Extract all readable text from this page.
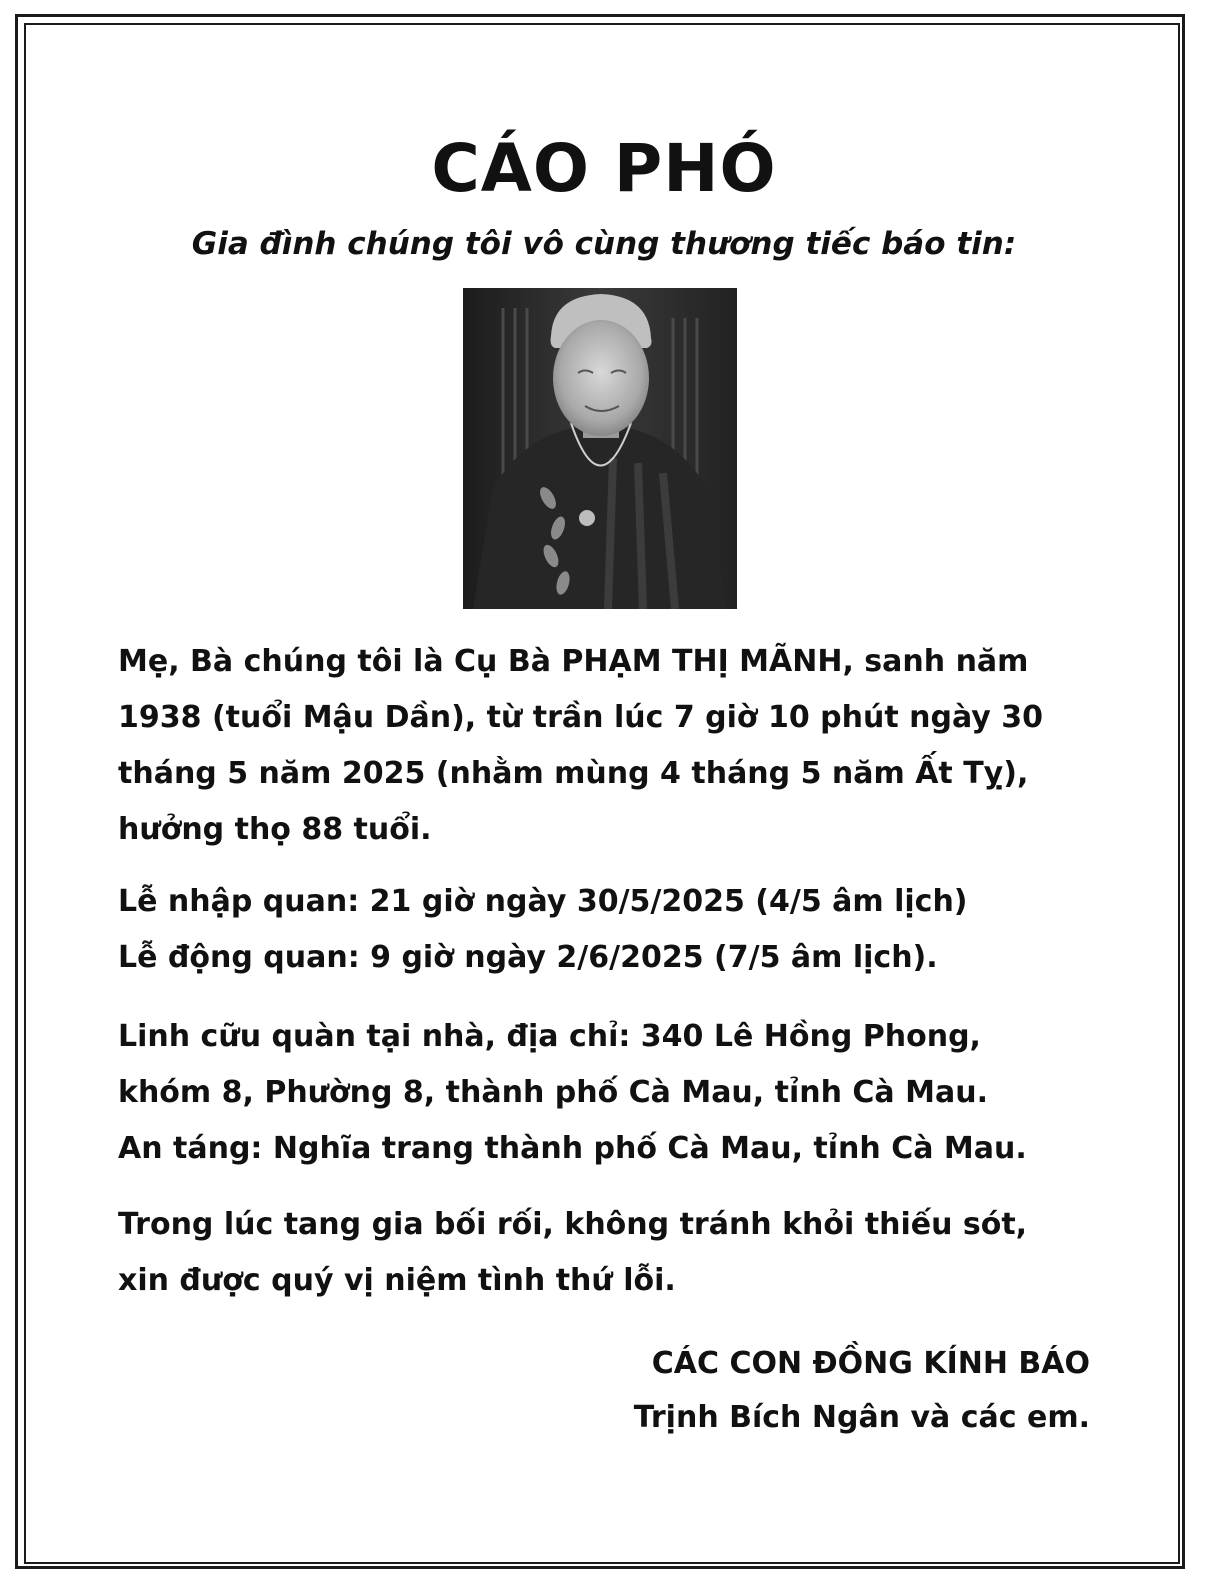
CÁO PHÓ

Gia đình chúng tôi vô cùng thương tiếc báo tin:

Mẹ, Bà chúng tôi là Cụ Bà PHẠM THỊ MÃNH, sanh năm
1938 (tuổi Mậu Dần), từ trần lúc 7 giờ 10 phút ngày 30
tháng 5 năm 2025 (nhằm mùng 4 tháng 5 năm Ất Tỵ),
hưởng thọ 88 tuổi.

Lễ nhập quan: 21 giờ ngày 30/5/2025 (4/5 âm lịch)
Lễ động quan: 9 giờ ngày 2/6/2025 (7/5 âm lịch).

Linh cữu quàn tại nhà, địa chỉ: 340 Lê Hồng Phong,
khóm 8, Phường 8, thành phố Cà Mau, tỉnh Cà Mau.
An táng: Nghĩa trang thành phố Cà Mau, tỉnh Cà Mau.

Trong lúc tang gia bối rối, không tránh khỏi thiếu sót,
xin được quý vị niệm tình thứ lỗi.

CÁC CON ĐỒNG KÍNH BÁO
Trịnh Bích Ngân và các em.
